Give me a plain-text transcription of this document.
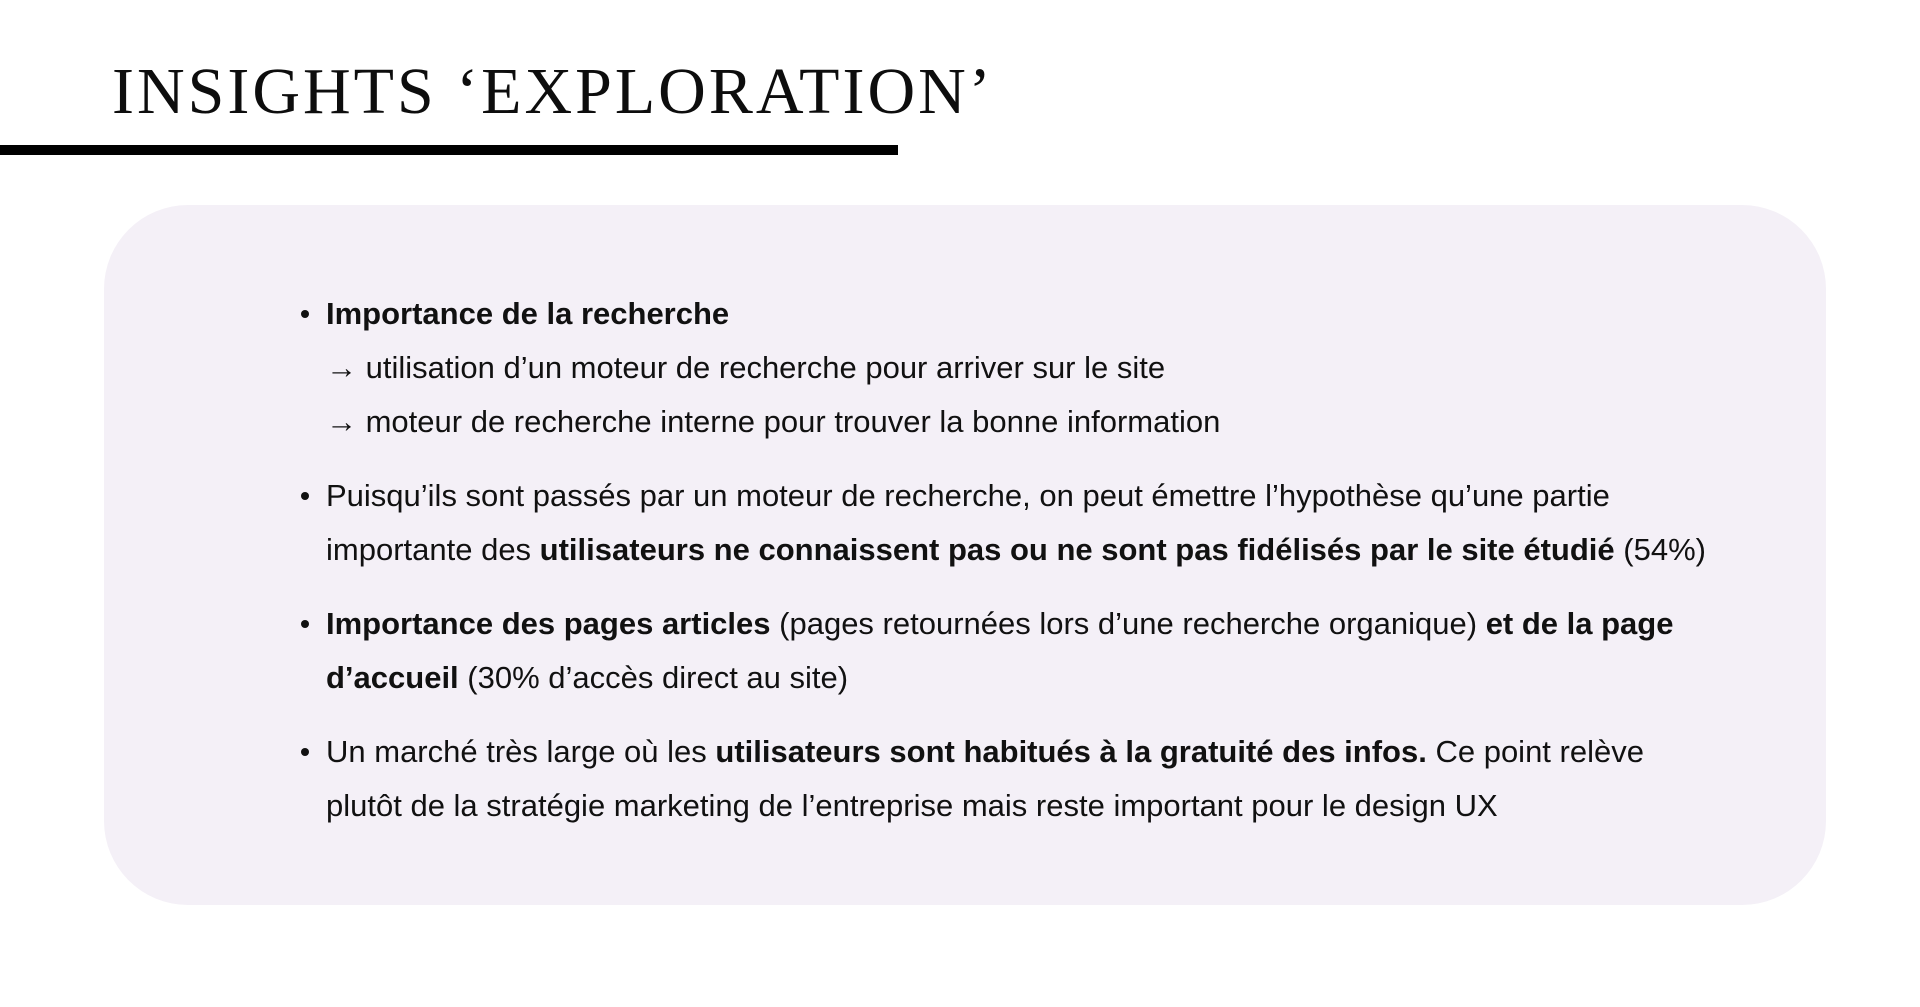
INSIGHTS ‘EXPLORATION’
Importance de la recherche
→ utilisation d’un moteur de recherche pour arriver sur le site
→ moteur de recherche interne pour trouver la bonne information
Puisqu’ils sont passés par un moteur de recherche, on peut émettre l’hypothèse qu’une partie
importante des utilisateurs ne connaissent pas ou ne sont pas fidélisés par le site étudié (54%)
Importance des pages articles (pages retournées lors d’une recherche organique) et de la page
d’accueil (30% d’accès direct au site)
Un marché très large où les utilisateurs sont habitués à la gratuité des infos. Ce point relève
plutôt de la stratégie marketing de l’entreprise mais reste important pour le design UX
